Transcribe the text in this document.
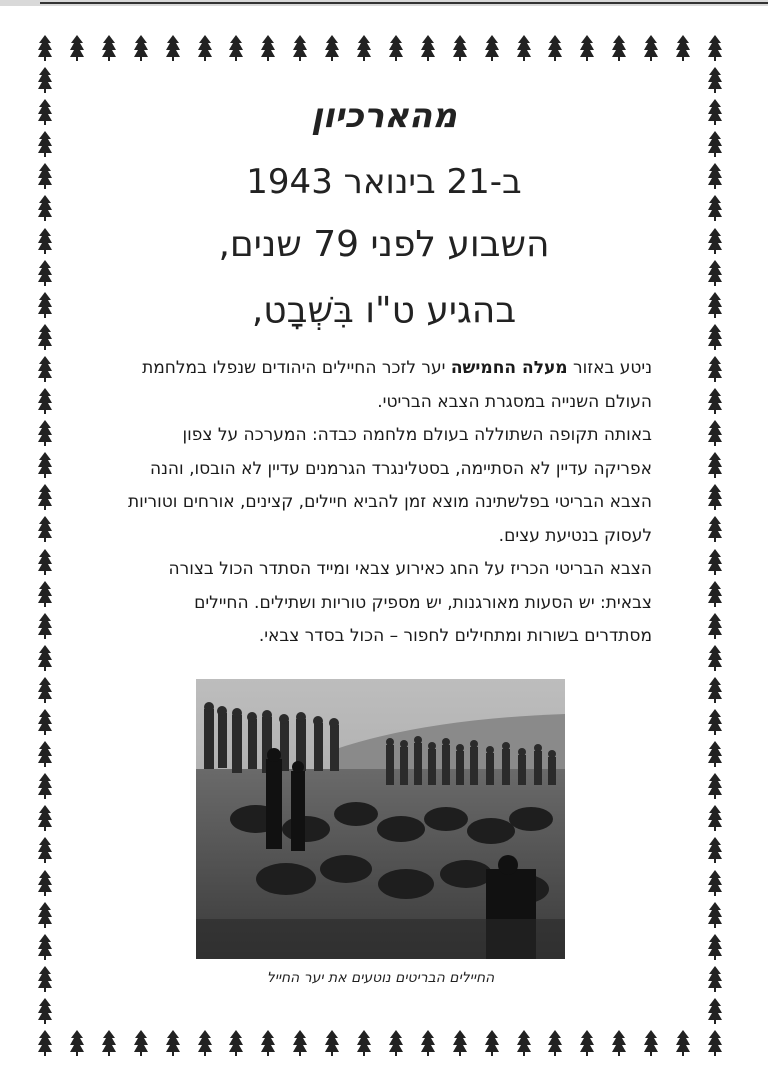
מהארכיון
ב-21 בינואר 1943
השבוע לפני 79 שנים,
בהגיע ט"ו בִּשְׁבָט,

ניטע באזור מעלה החמישה יער לזכר החיילים היהודים שנפלו במלחמת העולם השנייה במסגרת הצבא הבריטי.

באותה תקופה השתוללה בעולם מלחמה כבדה: המערכה על צפון אפריקה עדיין לא הסתיימה, בסטלינגרד הגרמנים עדיין לא הובסו, והנה הצבא הבריטי בפלשתינה מוצא זמן להביא חיילים, קצינים, אורחים וטוריות לעסוק בנטיעת עצים.

הצבא הבריטי הכריז על החג כאירוע צבאי ומייד הסתדר הכול בצורה צבאית: יש הסעות מאורגנות, יש מספיק טוריות ושתילים. החיילים מסתדרים בשורות ומתחילים לחפור – הכול בסדר צבאי.

החיילים הבריטים נוטעים את יער החייל
